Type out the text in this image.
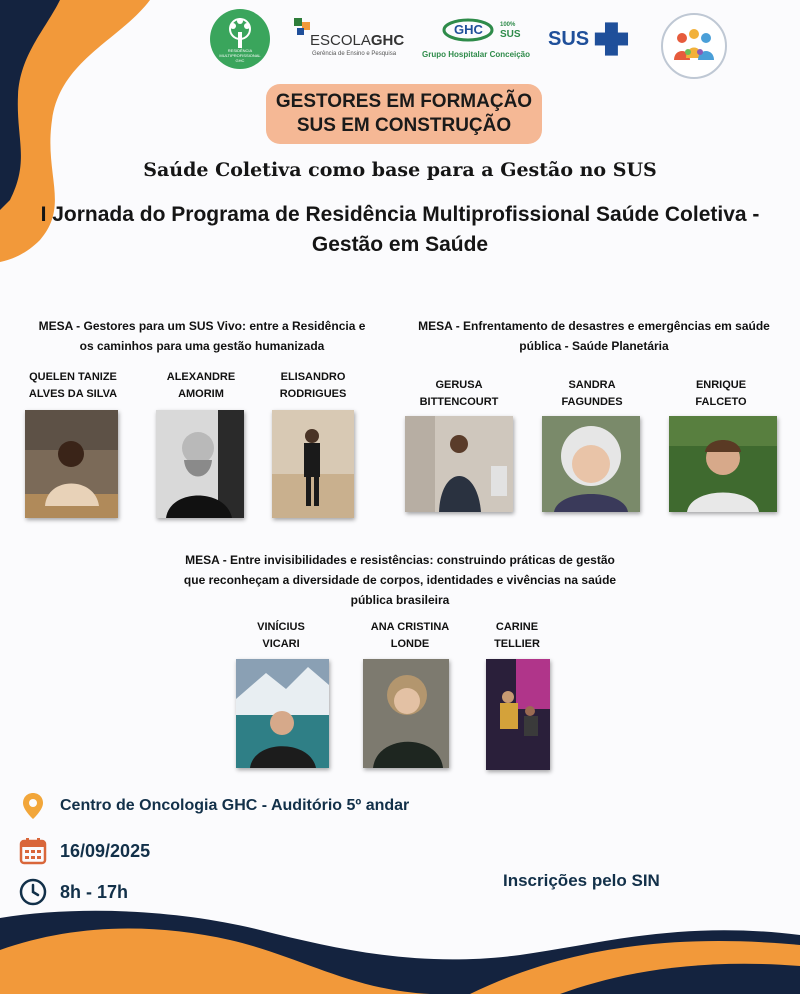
RESIDÊNCIA
MULTIPROFISSIONAL
GHC
ESCOLAGHC
Gerência de Ensino e Pesquisa
GHC	100%
SUS
Grupo Hospitalar Conceição
SUS
GESTORES EM FORMAÇÃO
SUS EM CONSTRUÇÃO
Saúde Coletiva como base para a Gestão no SUS
I Jornada do Programa de Residência Multiprofissional Saúde Coletiva -
Gestão em Saúde
MESA - Gestores para um SUS Vivo: entre a Residência e
os caminhos para uma gestão humanizada
QUELEN TANIZE
ALVES DA SILVA
ALEXANDRE
AMORIM
ELISANDRO
RODRIGUES
MESA - Enfrentamento de desastres e emergências em saúde
pública - Saúde Planetária
GERUSA
BITTENCOURT
SANDRA
FAGUNDES
ENRIQUE
FALCETO
MESA - Entre invisibilidades e resistências: construindo práticas de gestão
que reconheçam a diversidade de corpos, identidades e vivências na saúde
pública brasileira
VINÍCIUS
VICARI
ANA CRISTINA
LONDE
CARINE
TELLIER
Centro de Oncologia GHC - Auditório 5º andar
16/09/2025
8h - 17h
Inscrições pelo SIN
